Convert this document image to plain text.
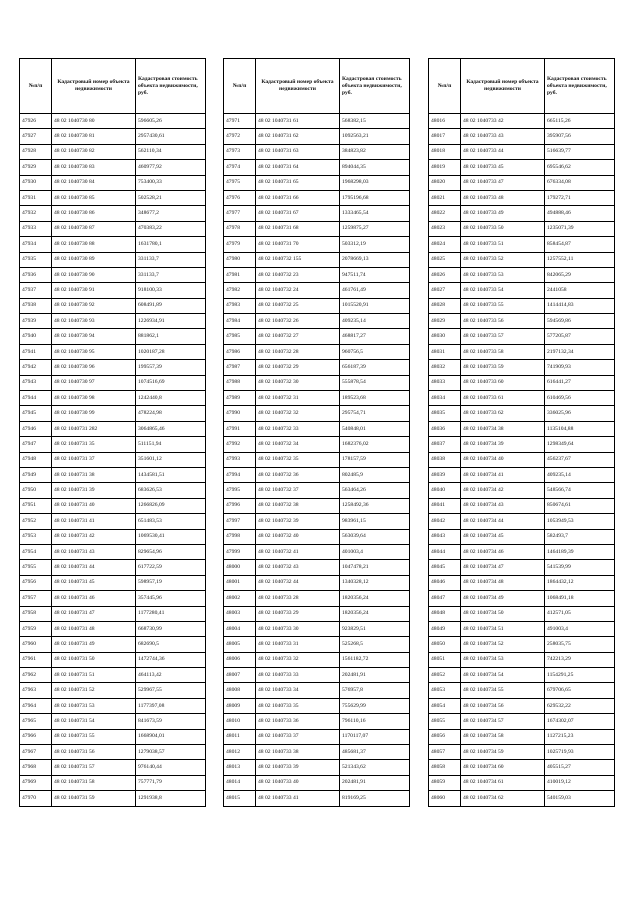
№п/п	Кадастровый номер объекта недвижимости	Кадастровая стоимость объекта недвижимости, руб.
47926	48 02 1040730 80	596605,26
47927	48 02 1040730 81	2957430,61
47928	48 02 1040730 82	562110,34
47929	48 02 1040730 83	460977,92
47930	48 02 1040730 84	753400,33
47931	48 02 1040730 85	502528,21
47932	48 02 1040730 86	348677,2
47933	48 02 1040730 87	470383,22
47934	48 02 1040730 88	1631780,1
47935	48 02 1040730 89	331133,7
47936	48 02 1040730 90	331133,7
47937	48 02 1040730 91	918100,33
47938	48 02 1040730 92	608491,89
47939	48 02 1040730 93	1226934,91
47940	48 02 1040730 94	881862,1
47941	48 02 1040730 95	1020187,28
47942	48 02 1040730 96	199557,39
47943	48 02 1040730 97	1074516,69
47944	48 02 1040730 98	1242440,8
47945	48 02 1040730 99	478224,98
47946	48 02 1040731 282	3064865,46
47947	48 02 1040731 35	511151,94
47948	48 02 1040731 37	351601,12
47949	48 02 1040731 38	1434581,51
47950	48 02 1040731 39	683626,53
47951	48 02 1040731 40	1266826,09
47952	48 02 1040731 41	651483,53
47953	48 02 1040731 42	1069530,41
47954	48 02 1040731 43	829654,96
47955	48 02 1040731 44	617722,59
47956	48 02 1040731 45	598957,19
47957	48 02 1040731 46	357445,96
47958	48 02 1040731 47	1177280,41
47959	48 02 1040731 48	668730,99
47960	48 02 1040731 49	682690,5
47961	48 02 1040731 50	1472744,36
47962	48 02 1040731 51	464113,42
47963	48 02 1040731 52	529967,55
47964	48 02 1040731 53	1177397,08
47965	48 02 1040731 54	841673,59
47966	48 02 1040731 55	1668904,01
47967	48 02 1040731 56	1279038,57
47968	48 02 1040731 57	976140,44
47969	48 02 1040731 58	757771,79
47970	48 02 1040731 59	1291938,8
№п/п	Кадастровый номер объекта недвижимости	Кадастровая стоимость объекта недвижимости, руб.
47971	48 02 1040731 61	568382,15
47972	48 02 1040731 62	1092563,21
47973	48 02 1040731 63	384823,82
47974	48 02 1040731 64	894044,35
47975	48 02 1040731 65	1968298,03
47976	48 02 1040731 66	1795196,68
47977	48 02 1040731 67	1333465,54
47978	48 02 1040731 68	1259875,27
47979	48 02 1040731 70	503312,19
47980	48 02 1040732 155	2078669,13
47981	48 02 1040732 23	947511,74
47982	48 02 1040732 24	461761,49
47983	48 02 1040732 25	1015520,91
47984	48 02 1040732 26	409235,14
47985	48 02 1040732 27	468817,27
47986	48 02 1040732 28	960756,5
47987	48 02 1040732 29	656187,39
47988	48 02 1040732 30	555878,54
47989	48 02 1040732 31	189523,68
47990	48 02 1040732 32	295754,71
47991	48 02 1040732 33	540848,01
47992	48 02 1040732 34	1682376,02
47993	48 02 1040732 35	178157,59
47994	48 02 1040732 36	802485,9
47995	48 02 1040732 37	563464,26
47996	48 02 1040732 38	1258492,36
47997	48 02 1040732 39	983961,15
47998	48 02 1040732 40	563039,64
47999	48 02 1040732 41	401003,4
48000	48 02 1040732 43	1047478,21
48001	48 02 1040732 44	1340328,12
48002	48 02 1040733 28	1820356,24
48003	48 02 1040733 29	1820356,24
48004	48 02 1040733 30	923829,51
48005	48 02 1040733 31	525268,5
48006	48 02 1040733 32	1561182,72
48007	48 02 1040733 33	202481,91
48008	48 02 1040733 34	576957,8
48009	48 02 1040733 35	755629,99
48010	48 02 1040733 36	796110,16
48011	48 02 1040733 37	1170117,07
48012	48 02 1040733 38	485681,37
48013	48 02 1040733 39	521343,62
48014	48 02 1040733 40	202481,91
48015	48 02 1040733 41	819169,25
№п/п	Кадастровый номер объекта недвижимости	Кадастровая стоимость объекта недвижимости, руб.
48016	48 02 1040733 42	665115,26
48017	48 02 1040733 43	395907,56
48018	48 02 1040733 44	516639,77
48019	48 02 1040733 45	695546,62
48020	48 02 1040733 47	676334,08
48021	48 02 1040733 48	179272,71
48022	48 02 1040733 49	494888,46
48023	48 02 1040733 50	1235071,39
48024	48 02 1040733 51	858454,87
48025	48 02 1040733 52	1257552,11
48026	48 02 1040733 53	842065,29
48027	48 02 1040733 54	2441058
48028	48 02 1040733 55	1414414,83
48029	48 02 1040733 56	594569,86
48030	48 02 1040733 57	577205,87
48031	48 02 1040733 58	2197132,34
48032	48 02 1040733 59	741909,93
48033	48 02 1040733 60	616441,27
48034	48 02 1040733 61	610469,56
48035	48 02 1040733 62	336025,96
48036	48 02 1040734 38	1135104,88
48037	48 02 1040734 39	1298349,64
48038	48 02 1040734 40	456237,67
48039	48 02 1040734 41	409235,14
48040	48 02 1040734 42	548566,74
48041	48 02 1040734 43	850674,61
48042	48 02 1040734 44	1053949,53
48043	48 02 1040734 45	582493,7
48044	48 02 1040734 46	1464189,39
48045	48 02 1040734 47	541539,99
48046	48 02 1040734 48	1864432,12
48047	48 02 1040734 49	1068491,18
48048	48 02 1040734 50	412571,05
48049	48 02 1040734 51	491003,4
48050	48 02 1040734 52	258035,75
48051	48 02 1040734 53	742213,29
48052	48 02 1040734 54	1154291,25
48053	48 02 1040734 55	679706,65
48054	48 02 1040734 56	629532,22
48055	48 02 1040734 57	1674302,07
48056	48 02 1040734 58	1127215,23
48057	48 02 1040734 59	1025719,93
48058	48 02 1040734 60	405515,27
48059	48 02 1040734 61	410019,12
48060	48 02 1040734 62	540159,03
